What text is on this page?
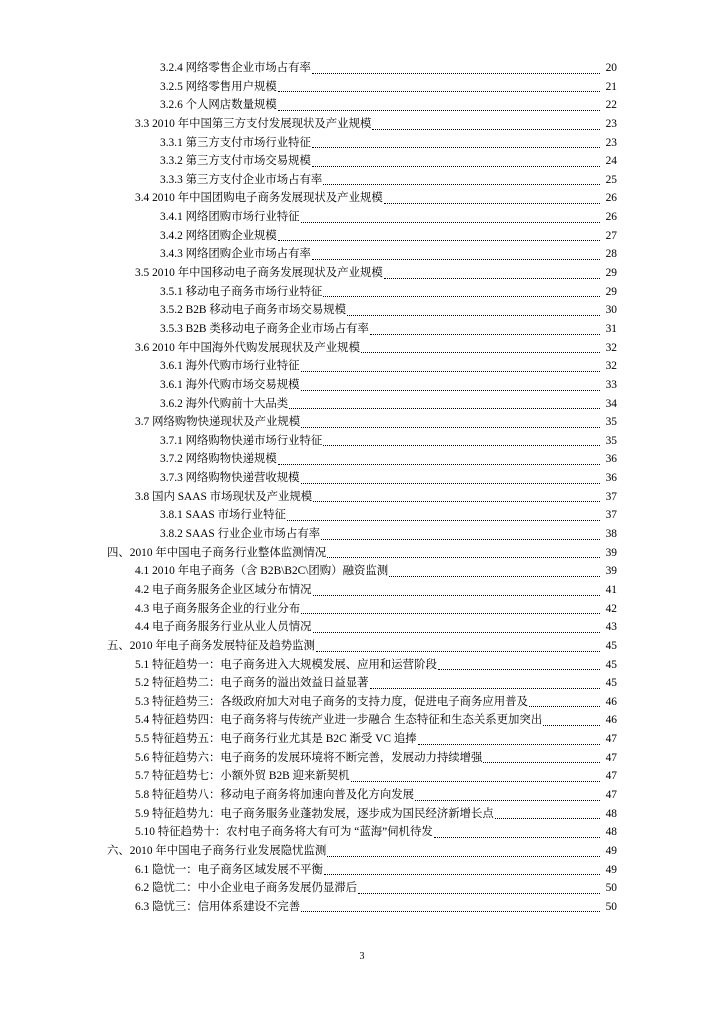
3.2.4 网络零售企业市场占有率	20
3.2.5 网络零售用户规模	21
3.2.6 个人网店数量规模	22
3.3 2010 年中国第三方支付发展现状及产业规模	23
3.3.1 第三方支付市场行业特征	23
3.3.2 第三方支付市场交易规模	24
3.3.3 第三方支付企业市场占有率	25
3.4 2010 年中国团购电子商务发展现状及产业规模	26
3.4.1 网络团购市场行业特征	26
3.4.2 网络团购企业规模	27
3.4.3 网络团购企业市场占有率	28
3.5 2010 年中国移动电子商务发展现状及产业规模	29
3.5.1 移动电子商务市场行业特征	29
3.5.2 B2B 移动电子商务市场交易规模	30
3.5.3 B2B 类移动电子商务企业市场占有率	31
3.6 2010 年中国海外代购发展现状及产业规模	32
3.6.1 海外代购市场行业特征	32
3.6.1 海外代购市场交易规模	33
3.6.2 海外代购前十大品类	34
3.7 网络购物快递现状及产业规模	35
3.7.1 网络购物快递市场行业特征	35
3.7.2 网络购物快递规模	36
3.7.3 网络购物快递营收规模	36
3.8 国内 SAAS 市场现状及产业规模	37
3.8.1 SAAS 市场行业特征	37
3.8.2 SAAS 行业企业市场占有率	38
四、2010 年中国电子商务行业整体监测情况	39
4.1 2010 年电子商务（含 B2B\B2C\团购）融资监测	39
4.2 电子商务服务企业区域分布情况	41
4.3 电子商务服务企业的行业分布	42
4.4 电子商务服务行业从业人员情况	43
五、2010 年电子商务发展特征及趋势监测	45
5.1 特征趋势一：电子商务进入大规模发展、应用和运营阶段	45
5.2 特征趋势二：电子商务的溢出效益日益显著	45
5.3 特征趋势三：各级政府加大对电子商务的支持力度，促进电子商务应用普及	46
5.4 特征趋势四：电子商务将与传统产业进一步融合 生态特征和生态关系更加突出	46
5.5 特征趋势五：电子商务行业尤其是 B2C 渐受 VC 追捧	47
5.6 特征趋势六：电子商务的发展环境将不断完善，发展动力持续增强	47
5.7 特征趋势七：小额外贸 B2B 迎来新契机	47
5.8 特征趋势八：移动电子商务将加速向普及化方向发展	47
5.9 特征趋势九：电子商务服务业蓬勃发展，逐步成为国民经济新增长点	48
5.10 特征趋势十：农村电子商务将大有可为 “蓝海”伺机待发	48
六、2010 年中国电子商务行业发展隐忧监测	49
6.1 隐忧一：电子商务区域发展不平衡	49
6.2 隐忧二：中小企业电子商务发展仍显滞后	50
6.3 隐忧三：信用体系建设不完善	50
3
